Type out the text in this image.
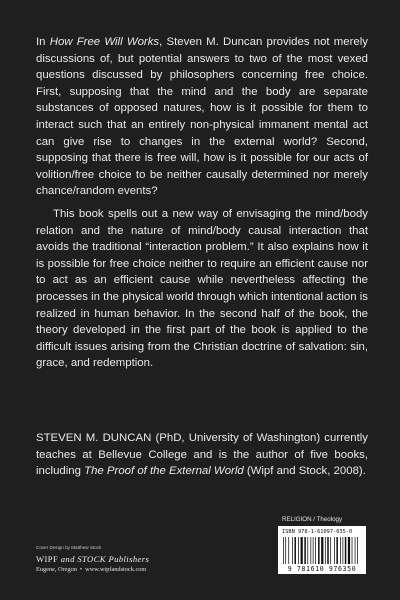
In How Free Will Works, Steven M. Duncan provides not merely discussions of, but potential answers to two of the most vexed questions discussed by philosophers concerning free choice. First, supposing that the mind and the body are separate substances of opposed natures, how is it possible for them to interact such that an entirely non-physical immanent mental act can give rise to changes in the external world? Second, supposing that there is free will, how is it possible for our acts of volition/free choice to be neither causally determined nor merely chance/random events?

This book spells out a new way of envisaging the mind/body relation and the nature of mind/body causal interaction that avoids the traditional “interaction problem.” It also explains how it is possible for free choice neither to require an efficient cause nor to act as an efficient cause while nevertheless affecting the processes in the physical world through which intentional action is realized in human behavior. In the second half of the book, the theory developed in the first part of the book is applied to the difficult issues arising from the Christian doctrine of salvation: sin, grace, and redemption.

STEVEN M. DUNCAN (PhD, University of Washington) currently teaches at Bellevue College and is the author of five books, including The Proof of the External World (Wipf and Stock, 2008).
RELIGION / Theology
ISBN 978-1-61097-635-0
9 781610 976350
Cover Design by Matthew Stock
WIPF and STOCK Publishers
Eugene, Oregon • www.wipfandstock.com
